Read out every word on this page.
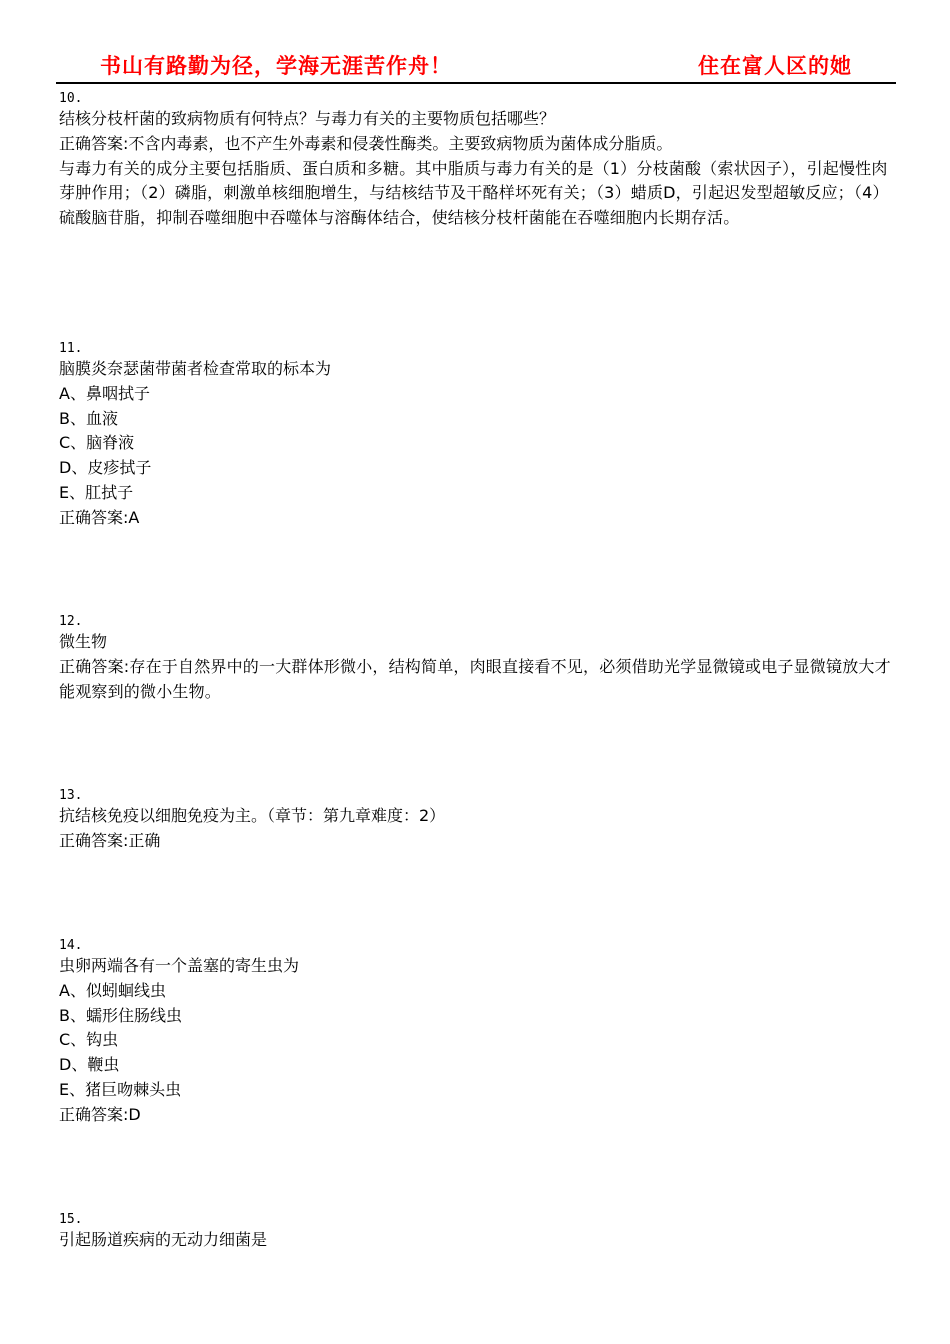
书山有路勤为径，学海无涯苦作舟！	住在富人区的她
10.
结核分枝杆菌的致病物质有何特点？与毒力有关的主要物质包括哪些？
正确答案:不含内毒素，也不产生外毒素和侵袭性酶类。主要致病物质为菌体成分脂质。
与毒力有关的成分主要包括脂质、蛋白质和多糖。其中脂质与毒力有关的是（1）分枝菌酸（索状因子），引起慢性肉芽肿作用；（2）磷脂，刺激单核细胞增生，与结核结节及干酪样坏死有关；（3）蜡质D，引起迟发型超敏反应；（4）硫酸脑苷脂，抑制吞噬细胞中吞噬体与溶酶体结合，使结核分枝杆菌能在吞噬细胞内长期存活。
11.
脑膜炎奈瑟菌带菌者检查常取的标本为
A、鼻咽拭子
B、血液
C、脑脊液
D、皮疹拭子
E、肛拭子
正确答案:A
12.
微生物
正确答案:存在于自然界中的一大群体形微小，结构简单，肉眼直接看不见，必须借助光学显微镜或电子显微镜放大才能观察到的微小生物。
13.
抗结核免疫以细胞免疫为主。（章节：第九章难度：2）
正确答案:正确
14.
虫卵两端各有一个盖塞的寄生虫为
A、似蚓蛔线虫
B、蠕形住肠线虫
C、钩虫
D、鞭虫
E、猪巨吻棘头虫
正确答案:D
15.
引起肠道疾病的无动力细菌是
